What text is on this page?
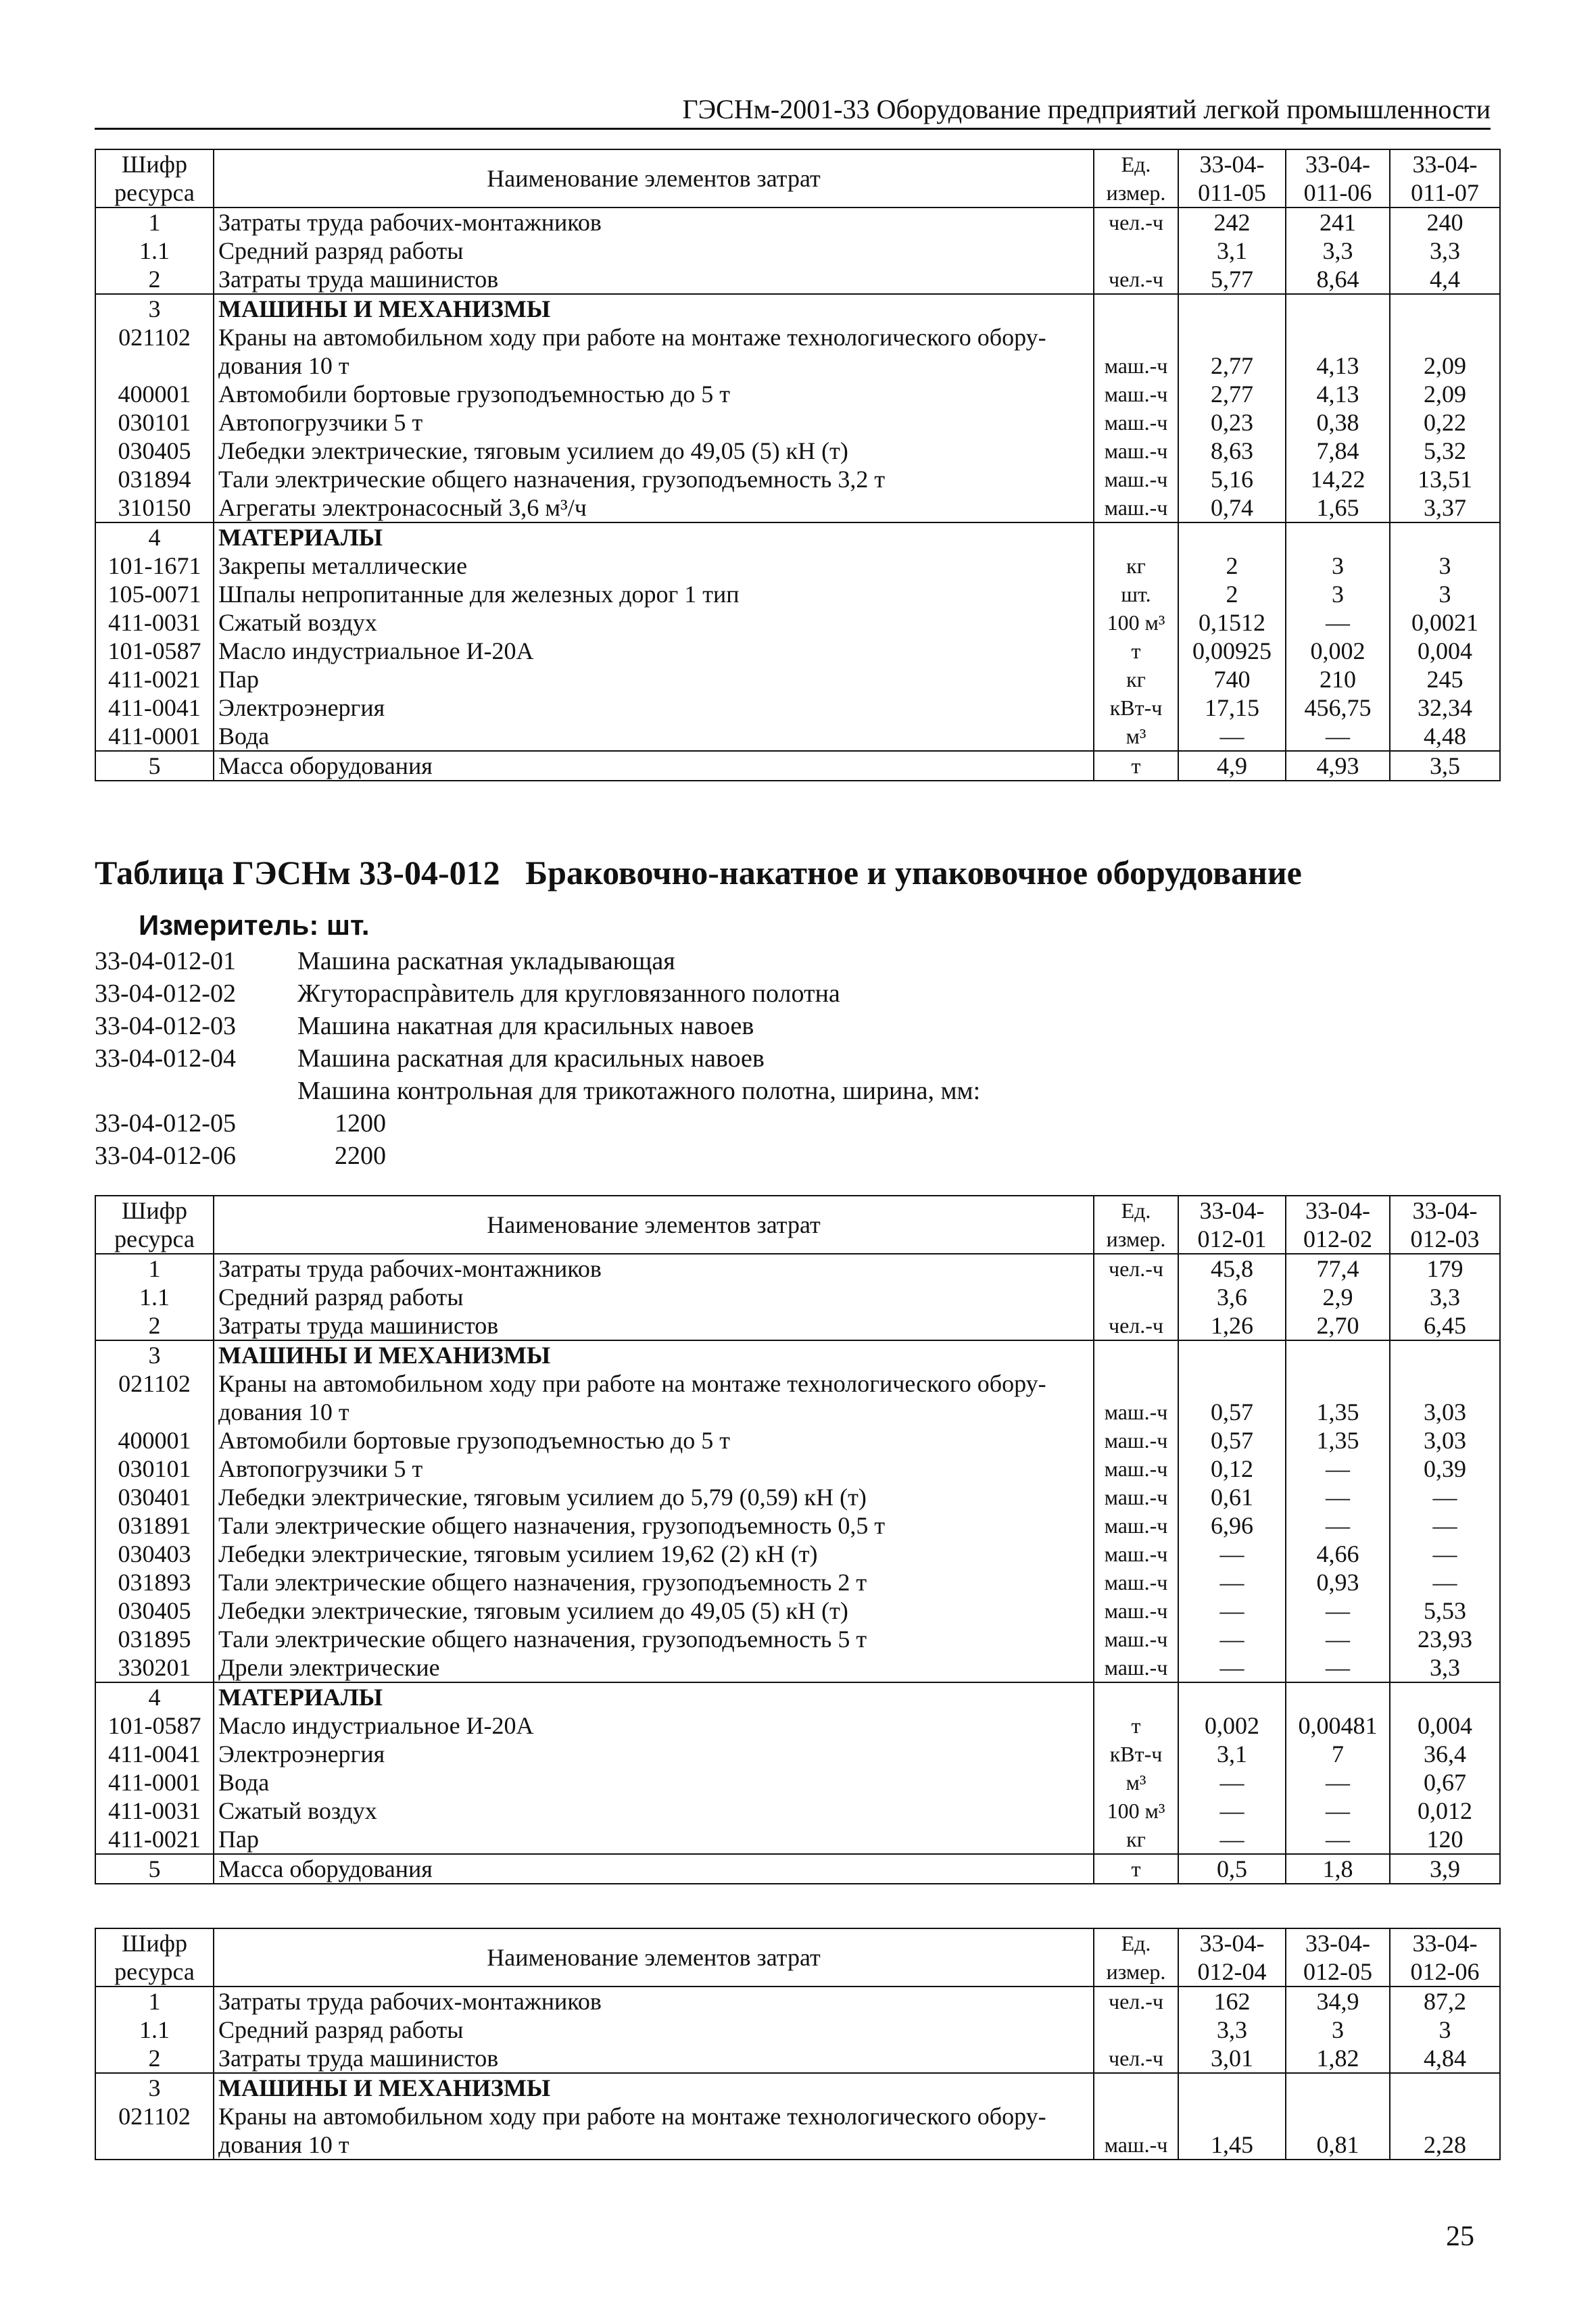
ГЭСНм-2001-33 Оборудование предприятий легкой промышленности
Шифр ресурса	Наименование элементов затрат	Ед. измер.	33-04-011-05	33-04-011-06	33-04-011-07
1	Затраты труда рабочих-монтажников	чел.-ч	242	241	240
1.1	Средний разряд работы		3,1	3,3	3,3
2	Затраты труда машинистов	чел.-ч	5,77	8,64	4,4
3	МАШИНЫ И МЕХАНИЗМЫ				
021102	Краны на автомобильном ходу при работе на монтаже технологического обору-дования 10 т	маш.-ч	2,77	4,13	2,09
400001	Автомобили бортовые грузоподъемностью до 5 т	маш.-ч	2,77	4,13	2,09
030101	Автопогрузчики 5 т	маш.-ч	0,23	0,38	0,22
030405	Лебедки электрические, тяговым усилием до 49,05 (5) кН (т)	маш.-ч	8,63	7,84	5,32
031894	Тали электрические общего назначения, грузоподъемность 3,2 т	маш.-ч	5,16	14,22	13,51
310150	Агрегаты электронасосный 3,6 м³/ч	маш.-ч	0,74	1,65	3,37
4	МАТЕРИАЛЫ				
101-1671	Закрепы металлические	кг	2	3	3
105-0071	Шпалы непропитанные для железных дорог 1 тип	шт.	2	3	3
411-0031	Сжатый воздух	100 м³	0,1512	—	0,0021
101-0587	Масло индустриальное И-20А	т	0,00925	0,002	0,004
411-0021	Пар	кг	740	210	245
411-0041	Электроэнергия	кВт-ч	17,15	456,75	32,34
411-0001	Вода	м³	—	—	4,48
5	Масса оборудования	т	4,9	4,93	3,5
Таблица ГЭСНм 33-04-012   Браковочно-накатное и упаковочное оборудование
Измеритель: шт.
33-04-012-01	Машина раскатная укладывающая
33-04-012-02	Жгутораспрàвитель для кругловязанного полотна
33-04-012-03	Машина накатная для красильных навоев
33-04-012-04	Машина раскатная для красильных навоев
Машина контрольная для трикотажного полотна, ширина, мм:
33-04-012-05	1200
33-04-012-06	2200
Шифр ресурса	Наименование элементов затрат	Ед. измер.	33-04-012-01	33-04-012-02	33-04-012-03
1	Затраты труда рабочих-монтажников	чел.-ч	45,8	77,4	179
1.1	Средний разряд работы		3,6	2,9	3,3
2	Затраты труда машинистов	чел.-ч	1,26	2,70	6,45
3	МАШИНЫ И МЕХАНИЗМЫ				
021102	Краны на автомобильном ходу при работе на монтаже технологического обору-дования 10 т	маш.-ч	0,57	1,35	3,03
400001	Автомобили бортовые грузоподъемностью до 5 т	маш.-ч	0,57	1,35	3,03
030101	Автопогрузчики 5 т	маш.-ч	0,12	—	0,39
030401	Лебедки электрические, тяговым усилием до 5,79 (0,59) кН (т)	маш.-ч	0,61	—	—
031891	Тали электрические общего назначения, грузоподъемность 0,5 т	маш.-ч	6,96	—	—
030403	Лебедки электрические, тяговым усилием 19,62 (2) кН (т)	маш.-ч	—	4,66	—
031893	Тали электрические общего назначения, грузоподъемность 2 т	маш.-ч	—	0,93	—
030405	Лебедки электрические, тяговым усилием до 49,05 (5) кН (т)	маш.-ч	—	—	5,53
031895	Тали электрические общего назначения, грузоподъемность 5 т	маш.-ч	—	—	23,93
330201	Дрели электрические	маш.-ч	—	—	3,3
4	МАТЕРИАЛЫ				
101-0587	Масло индустриальное И-20А	т	0,002	0,00481	0,004
411-0041	Электроэнергия	кВт-ч	3,1	7	36,4
411-0001	Вода	м³	—	—	0,67
411-0031	Сжатый воздух	100 м³	—	—	0,012
411-0021	Пар	кг	—	—	120
5	Масса оборудования	т	0,5	1,8	3,9
Шифр ресурса	Наименование элементов затрат	Ед. измер.	33-04-012-04	33-04-012-05	33-04-012-06
1	Затраты труда рабочих-монтажников	чел.-ч	162	34,9	87,2
1.1	Средний разряд работы		3,3	3	3
2	Затраты труда машинистов	чел.-ч	3,01	1,82	4,84
3	МАШИНЫ И МЕХАНИЗМЫ				
021102	Краны на автомобильном ходу при работе на монтаже технологического обору-дования 10 т	маш.-ч	1,45	0,81	2,28
25
